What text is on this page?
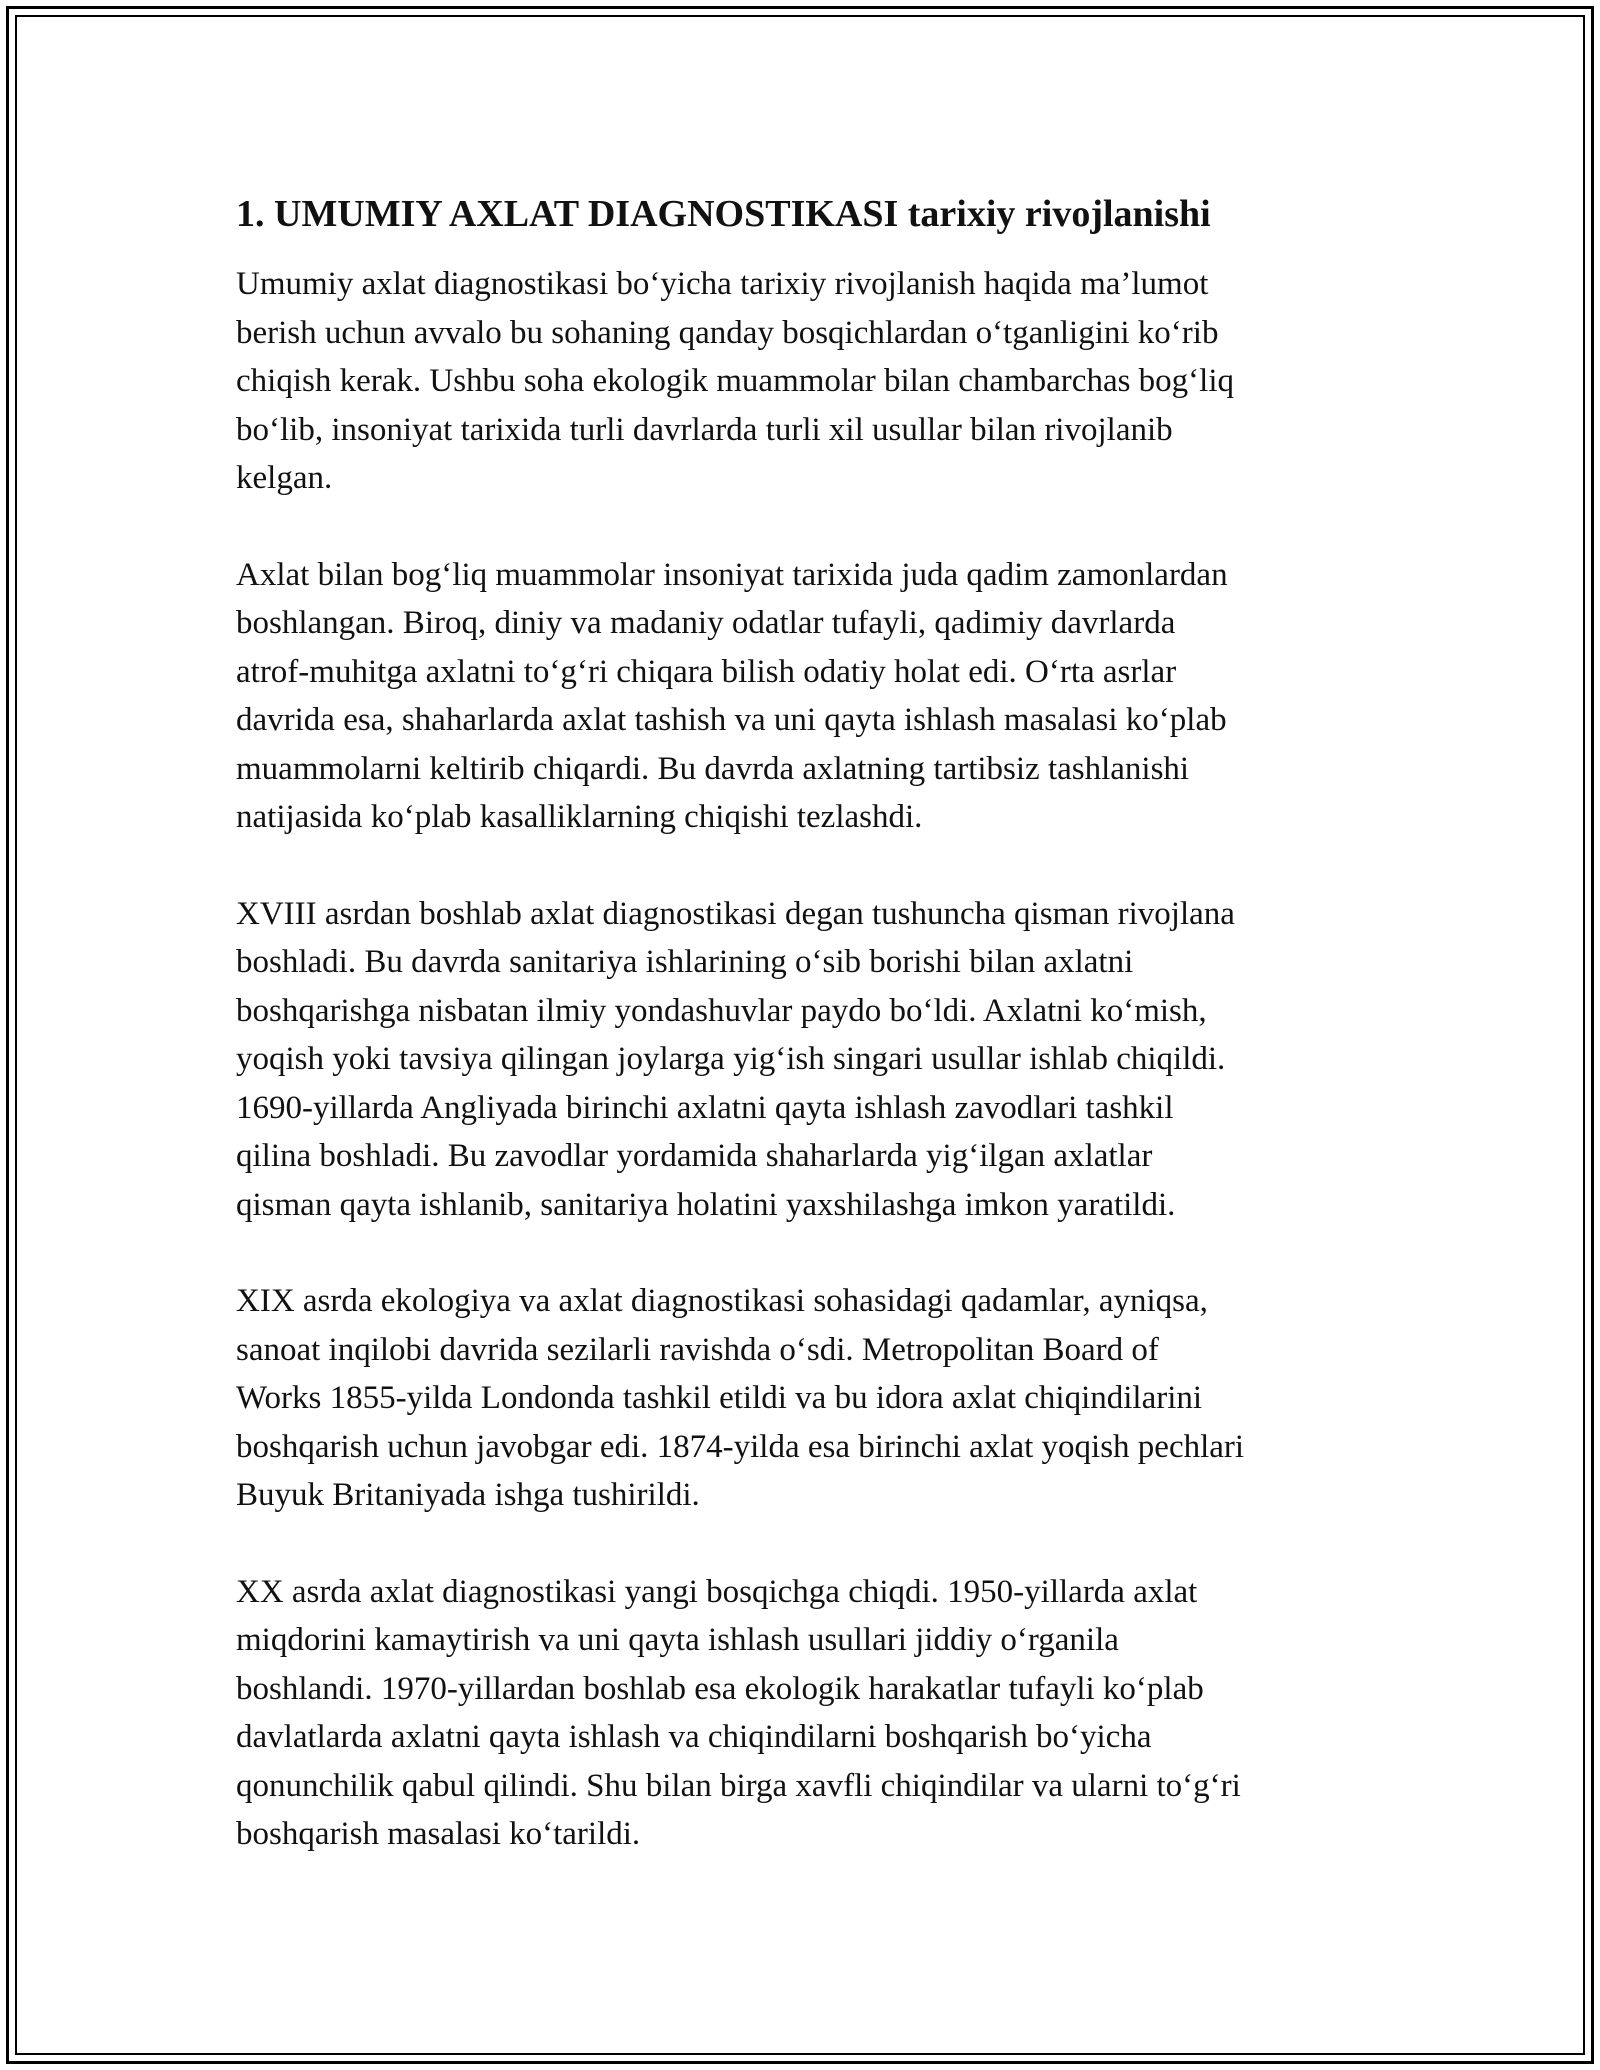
1. UMUMIY AXLAT DIAGNOSTIKASI tarixiy rivojlanishi

Umumiy axlat diagnostikasi bo‘yicha tarixiy rivojlanish haqida ma’lumot
berish uchun avvalo bu sohaning qanday bosqichlardan o‘tganligini ko‘rib
chiqish kerak. Ushbu soha ekologik muammolar bilan chambarchas bog‘liq
bo‘lib, insoniyat tarixida turli davrlarda turli xil usullar bilan rivojlanib
kelgan.

Axlat bilan bog‘liq muammolar insoniyat tarixida juda qadim zamonlardan
boshlangan. Biroq, diniy va madaniy odatlar tufayli, qadimiy davrlarda
atrof-muhitga axlatni to‘g‘ri chiqara bilish odatiy holat edi. O‘rta asrlar
davrida esa, shaharlarda axlat tashish va uni qayta ishlash masalasi ko‘plab
muammolarni keltirib chiqardi. Bu davrda axlatning tartibsiz tashlanishi
natijasida ko‘plab kasalliklarning chiqishi tezlashdi.

XVIII asrdan boshlab axlat diagnostikasi degan tushuncha qisman rivojlana
boshladi. Bu davrda sanitariya ishlarining o‘sib borishi bilan axlatni
boshqarishga nisbatan ilmiy yondashuvlar paydo bo‘ldi. Axlatni ko‘mish,
yoqish yoki tavsiya qilingan joylarga yig‘ish singari usullar ishlab chiqildi.
1690-yillarda Angliyada birinchi axlatni qayta ishlash zavodlari tashkil
qilina boshladi. Bu zavodlar yordamida shaharlarda yig‘ilgan axlatlar
qisman qayta ishlanib, sanitariya holatini yaxshilashga imkon yaratildi.

XIX asrda ekologiya va axlat diagnostikasi sohasidagi qadamlar, ayniqsa,
sanoat inqilobi davrida sezilarli ravishda o‘sdi. Metropolitan Board of
Works 1855-yilda Londonda tashkil etildi va bu idora axlat chiqindilarini
boshqarish uchun javobgar edi. 1874-yilda esa birinchi axlat yoqish pechlari
Buyuk Britaniyada ishga tushirildi.

XX asrda axlat diagnostikasi yangi bosqichga chiqdi. 1950-yillarda axlat
miqdorini kamaytirish va uni qayta ishlash usullari jiddiy o‘rganila
boshlandi. 1970-yillardan boshlab esa ekologik harakatlar tufayli ko‘plab
davlatlarda axlatni qayta ishlash va chiqindilarni boshqarish bo‘yicha
qonunchilik qabul qilindi. Shu bilan birga xavfli chiqindilar va ularni to‘g‘ri
boshqarish masalasi ko‘tarildi.
